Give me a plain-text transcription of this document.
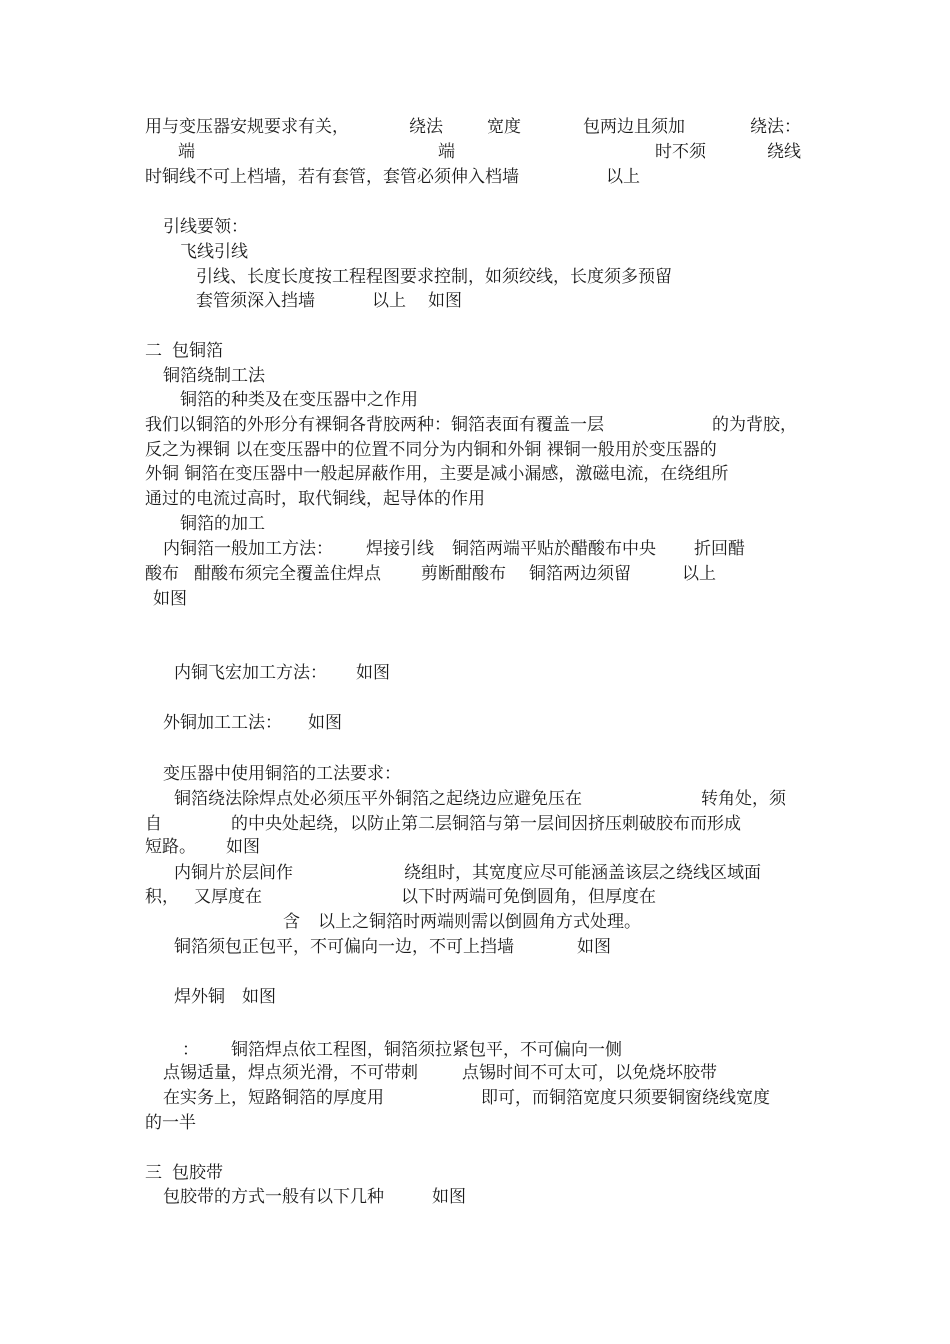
用与变压器安规要求有关，	绕法	宽度	包两边且须加	绕法：
端	端	时不须	绕线
时铜线不可上档墙，若有套管，套管必须伸入档墙	以上
引线要领：
飞线引线
引线、长度长度按工程程图要求控制，如须绞线，长度须多预留
套管须深入挡墙	以上 如图
二 包铜箔
铜箔绕制工法
铜箔的种类及在变压器中之作用
我们以铜箔的外形分有裸铜各背胶两种：铜箔表面有覆盖一层	的为背胶，
反之为裸铜 以在变压器中的位置不同分为内铜和外铜 裸铜一般用於变压器的
外铜 铜箔在变压器中一般起屏蔽作用，主要是减小漏感，激磁电流，在绕组所
通过的电流过高时，取代铜线，起导体的作用
铜箔的加工
内铜箔一般加工方法： 焊接引线 铜箔两端平贴於醋酸布中央 折回醋
酸布 酣酸布须完全覆盖住焊点 剪断酣酸布 铜箔两边须留	以上
如图
内铜飞宏加工方法： 如图
外铜加工工法： 如图
变压器中使用铜箔的工法要求：
铜箔绕法除焊点处必须压平外铜箔之起绕边应避免压在	转角处，须
自	的中央处起绕，以防止第二层铜箔与第一层间因挤压刺破胶布而形成
短路。 如图
内铜片於层间作	绕组时，其宽度应尽可能涵盖该层之绕线区域面
积， 又厚度在	以下时两端可免倒圆角，但厚度在
含 以上之铜箔时两端则需以倒圆角方式处理。
铜箔须包正包平，不可偏向一边，不可上挡墙	如图
焊外铜 如图
： 铜箔焊点依工程图，铜箔须拉紧包平，不可偏向一侧
点锡适量，焊点须光滑，不可带刺	点锡时间不可太可，以免烧坏胶带
在实务上，短路铜箔的厚度用	即可，而铜箔宽度只须要铜窗绕线宽度
的一半
三 包胶带
包胶带的方式一般有以下几种	如图
